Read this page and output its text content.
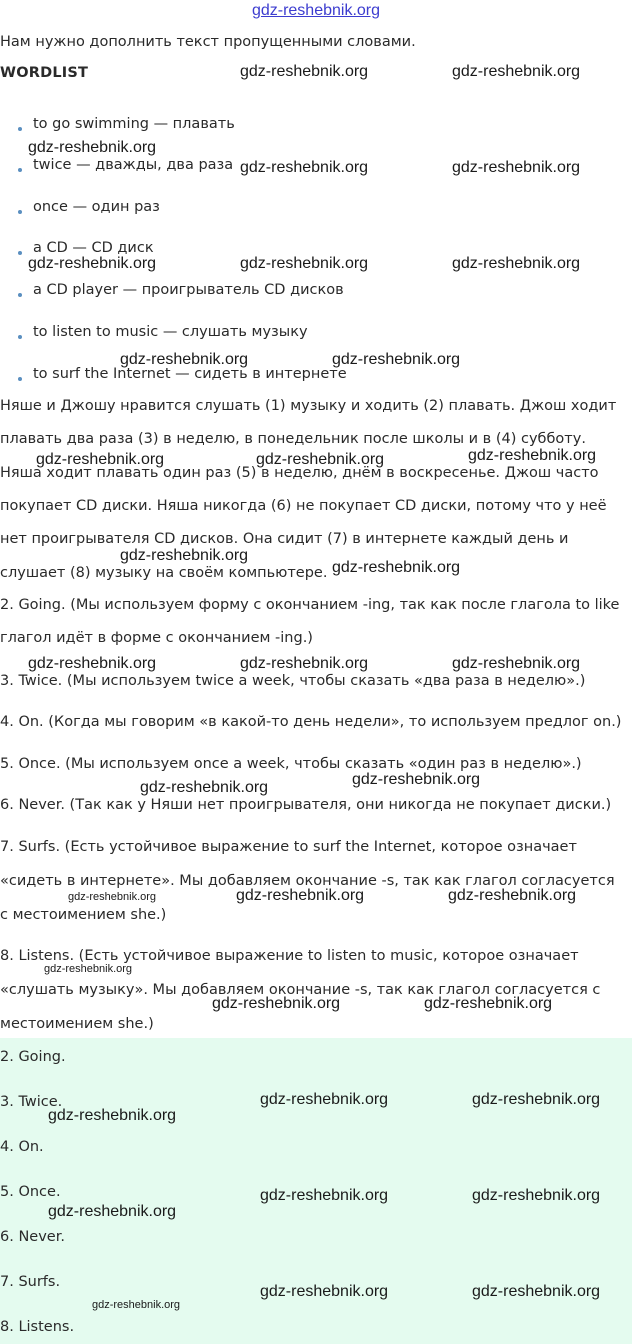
gdz-reshebnik.org
Нам нужно дополнить текст пропущенными словами.
WORDLIST
to go swimming — плавать
twice — дважды, два раза
once — один раз
a CD — CD диск
a CD player — проигрыватель CD дисков
to listen to music — слушать музыку
to surf the Internet — сидеть в интернете
Няше и Джошу нравится слушать (1) музыку и ходить (2) плавать. Джош ходит
плавать два раза (3) в неделю, в понедельник после школы и в (4) субботу.
Няша ходит плавать один раз (5) в неделю, днём в воскресенье. Джош часто
покупает CD диски. Няша никогда (6) не покупает CD диски, потому что у неё
нет проигрывателя CD дисков. Она сидит (7) в интернете каждый день и
слушает (8) музыку на своём компьютере.
2. Going. (Мы используем форму с окончанием -ing, так как после глагола to like
глагол идёт в форме с окончанием -ing.)
3. Twice. (Мы используем twice a week, чтобы сказать «два раза в неделю».)
4. On. (Когда мы говорим «в какой-то день недели», то используем предлог on.)
5. Once. (Мы используем once a week, чтобы сказать «один раз в неделю».)
6. Never. (Так как у Няши нет проигрывателя, они никогда не покупает диски.)
7. Surfs. (Есть устойчивое выражение to surf the Internet, которое означает
«сидеть в интернете». Мы добавляем окончание -s, так как глагол согласуется
с местоимением she.)
8. Listens. (Есть устойчивое выражение to listen to music, которое означает
«слушать музыку». Мы добавляем окончание -s, так как глагол согласуется с
местоимением she.)
2. Going.
3. Twice.
4. On.
5. Once.
6. Never.
7. Surfs.
8. Listens.
gdz-reshebnik.org	gdz-reshebnik.org
gdz-reshebnik.org
gdz-reshebnik.org	gdz-reshebnik.org
gdz-reshebnik.org	gdz-reshebnik.org	gdz-reshebnik.org
gdz-reshebnik.org	gdz-reshebnik.org
gdz-reshebnik.org	gdz-reshebnik.org	gdz-reshebnik.org
gdz-reshebnik.org
gdz-reshebnik.org
gdz-reshebnik.org	gdz-reshebnik.org	gdz-reshebnik.org
gdz-reshebnik.org	gdz-reshebnik.org
gdz-reshebnik.org	gdz-reshebnik.org	gdz-reshebnik.org
gdz-reshebnik.org
gdz-reshebnik.org	gdz-reshebnik.org
gdz-reshebnik.org	gdz-reshebnik.org
gdz-reshebnik.org
gdz-reshebnik.org	gdz-reshebnik.org
gdz-reshebnik.org
gdz-reshebnik.org	gdz-reshebnik.org
gdz-reshebnik.org
